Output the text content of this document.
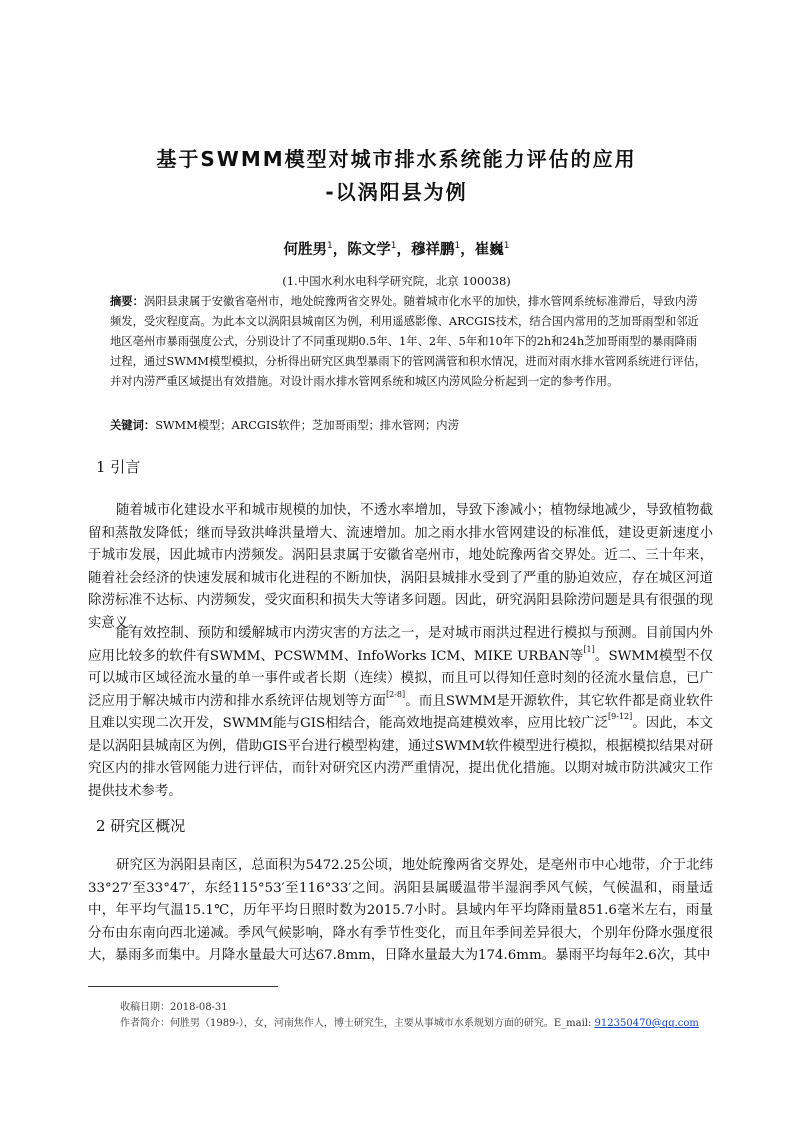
基于SWMM模型对城市排水系统能力评估的应用
-以涡阳县为例
何胜男$^1$，陈文学$^1$，穆祥鹏$^1$，崔巍$^1$
(1.中国水利水电科学研究院，北京 100038)

摘要：涡阳县隶属于安徽省亳州市，地处皖豫两省交界处。随着城市化水平的加快，排水管网系统标准滞后，导致内涝频发，受灾程度高。为此本文以涡阳县城南区为例，利用遥感影像、ARCGIS技术，结合国内常用的芝加哥雨型和邻近地区亳州市暴雨强度公式，分别设计了不同重现期0.5年、1年、2年、5年和10年下的2h和24h芝加哥雨型的暴雨降雨过程，通过SWMM模型模拟，分析得出研究区典型暴雨下的管网满管和积水情况，进而对雨水排水管网系统进行评估，并对内涝严重区域提出有效措施。对设计雨水排水管网系统和城区内涝风险分析起到一定的参考作用。

关键词：SWMM模型；ARCGIS软件；芝加哥雨型；排水管网；内涝

1 引言

随着城市化建设水平和城市规模的加快，不透水率增加，导致下渗减小；植物绿地减少，导致植物截留和蒸散发降低；继而导致洪峰洪量增大、流速增加。加之雨水排水管网建设的标准低，建设更新速度小于城市发展，因此城市内涝频发。涡阳县隶属于安徽省亳州市，地处皖豫两省交界处。近二、三十年来，随着社会经济的快速发展和城市化进程的不断加快，涡阳县城排水受到了严重的胁迫效应，存在城区河道除涝标准不达标、内涝频发，受灾面积和损失大等诸多问题。因此，研究涡阳县除涝问题是具有很强的现实意义。

能有效控制、预防和缓解城市内涝灾害的方法之一，是对城市雨洪过程进行模拟与预测。目前国内外应用比较多的软件有SWMM、PCSWMM、InfoWorks ICM、MIKE URBAN等[1]。SWMM模型不仅可以城市区域径流水量的单一事件或者长期（连续）模拟，而且可以得知任意时刻的径流水量信息，已广泛应用于解决城市内涝和排水系统评估规划等方面[2-8]。而且SWMM是开源软件，其它软件都是商业软件且难以实现二次开发，SWMM能与GIS相结合，能高效地提高建模效率，应用比较广泛[9-12]。因此，本文是以涡阳县城南区为例，借助GIS平台进行模型构建，通过SWMM软件模型进行模拟，根据模拟结果对研究区内的排水管网能力进行评估，而针对研究区内涝严重情况，提出优化措施。以期对城市防洪减灾工作提供技术参考。

2 研究区概况

研究区为涡阳县南区，总面积为5472.25公顷，地处皖豫两省交界处，是亳州市中心地带，介于北纬33°27′至33°47′，东经115°53′至116°33′之间。涡阳县属暖温带半湿润季风气候，气候温和，雨量适中，年平均气温15.1℃，历年平均日照时数为2015.7小时。县域内年平均降雨量851.6毫米左右，雨量分布由东南向西北递减。季风气候影响，降水有季节性变化，而且年季间差异很大，个别年份降水强度很大，暴雨多而集中。月降水量最大可达67.8mm，日降水量最大为174.6mm。暴雨平均每年2.6次，其中

收稿日期：2018-08-31

作者简介：何胜男（1989-），女，河南焦作人，博士研究生，主要从事城市水系规划方面的研究。E_mail: 912350470@qq.com
